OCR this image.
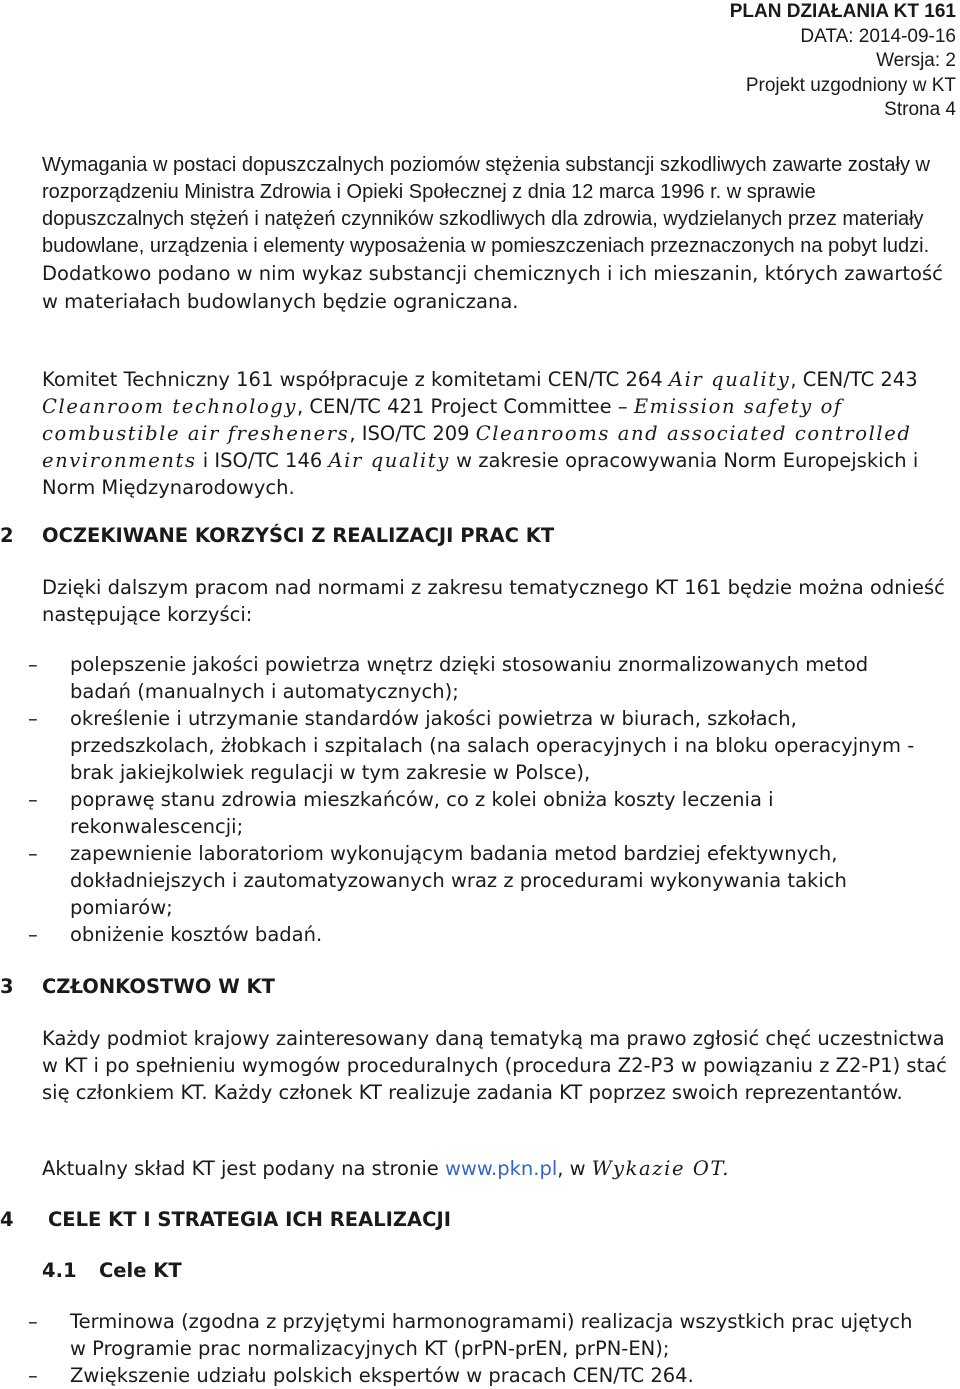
PLAN DZIAŁANIA KT 161
DATA: 2014-09-16
Wersja: 2
Projekt uzgodniony w KT
Strona 4
Wymagania w postaci dopuszczalnych poziomów stężenia substancji szkodliwych zawarte zostały w rozporządzeniu Ministra Zdrowia i Opieki Społecznej z dnia 12 marca 1996 r. w sprawie dopuszczalnych stężeń i natężeń czynników szkodliwych dla zdrowia, wydzielanych przez materiały budowlane, urządzenia i elementy wyposażenia w pomieszczeniach przeznaczonych na pobyt ludzi. Dodatkowo podano w nim wykaz substancji chemicznych i ich mieszanin, których zawartość w materiałach budowlanych będzie ograniczana.
Komitet Techniczny 161 współpracuje z komitetami CEN/TC 264 Air quality, CEN/TC 243 Cleanroom technology, CEN/TC 421 Project Committee – Emission safety of combustible air fresheners, ISO/TC 209 Cleanrooms and associated controlled environments i ISO/TC 146 Air quality w zakresie opracowywania Norm Europejskich i Norm Międzynarodowych.
2 OCZEKIWANE KORZYŚCI Z REALIZACJI PRAC KT
Dzięki dalszym pracom nad normami z zakresu tematycznego KT 161 będzie można odnieść następujące korzyści:
– polepszenie jakości powietrza wnętrz dzięki stosowaniu znormalizowanych metod badań (manualnych i automatycznych);
– określenie i utrzymanie standardów jakości powietrza w biurach, szkołach, przedszkolach, żłobkach i szpitalach (na salach operacyjnych i na bloku operacyjnym - brak jakiejkolwiek regulacji w tym zakresie w Polsce),
– poprawę stanu zdrowia mieszkańców, co z kolei obniża koszty leczenia i rekonwalescencji;
– zapewnienie laboratoriom wykonującym badania metod bardziej efektywnych, dokładniejszych i zautomatyzowanych wraz z procedurami wykonywania takich pomiarów;
– obniżenie kosztów badań.
3 CZŁONKOSTWO W KT
Każdy podmiot krajowy zainteresowany daną tematyką ma prawo zgłosić chęć uczestnictwa w KT i po spełnieniu wymogów proceduralnych (procedura Z2-P3 w powiązaniu z Z2-P1) stać się członkiem KT. Każdy członek KT realizuje zadania KT poprzez swoich reprezentantów.
Aktualny skład KT jest podany na stronie www.pkn.pl, w Wykazie OT.
4 CELE KT I STRATEGIA ICH REALIZACJI
4.1 Cele KT
– Terminowa (zgodna z przyjętymi harmonogramami) realizacja wszystkich prac ujętych w Programie prac normalizacyjnych KT (prPN-prEN, prPN-EN);
– Zwiększenie udziału polskich ekspertów w pracach CEN/TC 264.
